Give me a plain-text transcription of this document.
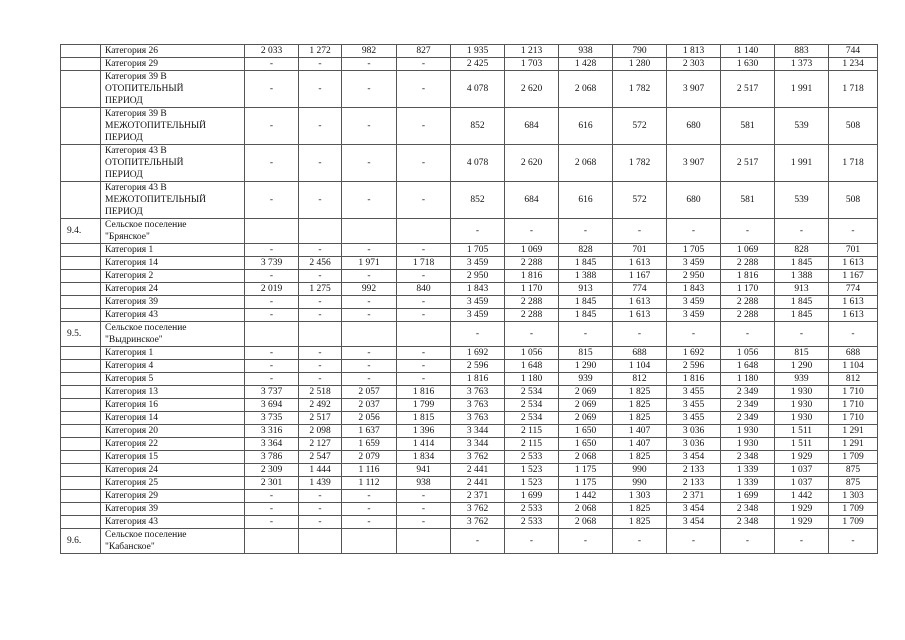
	Категория 26	2 033	1 272	982	827	1 935	1 213	938	790	1 813	1 140	883	744
	Категория 29	-	-	-	-	2 425	1 703	1 428	1 280	2 303	1 630	1 373	1 234
	Категория 39 В
ОТОПИТЕЛЬНЫЙ
ПЕРИОД	-	-	-	-	4 078	2 620	2 068	1 782	3 907	2 517	1 991	1 718
	Категория 39 В
МЕЖОТОПИТЕЛЬНЫЙ
ПЕРИОД	-	-	-	-	852	684	616	572	680	581	539	508
	Категория 43 В
ОТОПИТЕЛЬНЫЙ
ПЕРИОД	-	-	-	-	4 078	2 620	2 068	1 782	3 907	2 517	1 991	1 718
	Категория 43 В
МЕЖОТОПИТЕЛЬНЫЙ
ПЕРИОД	-	-	-	-	852	684	616	572	680	581	539	508
9.4.	Сельское поселение
"Брянское"					-	-	-	-	-	-	-	-
	Категория 1	-	-	-	-	1 705	1 069	828	701	1 705	1 069	828	701
	Категория 14	3 739	2 456	1 971	1 718	3 459	2 288	1 845	1 613	3 459	2 288	1 845	1 613
	Категория 2	-	-	-	-	2 950	1 816	1 388	1 167	2 950	1 816	1 388	1 167
	Категория 24	2 019	1 275	992	840	1 843	1 170	913	774	1 843	1 170	913	774
	Категория 39	-	-	-	-	3 459	2 288	1 845	1 613	3 459	2 288	1 845	1 613
	Категория 43	-	-	-	-	3 459	2 288	1 845	1 613	3 459	2 288	1 845	1 613
9.5.	Сельское поселение
"Выдринское"					-	-	-	-	-	-	-	-
	Категория 1	-	-	-	-	1 692	1 056	815	688	1 692	1 056	815	688
	Категория 4	-	-	-	-	2 596	1 648	1 290	1 104	2 596	1 648	1 290	1 104
	Категория 5	-	-	-	-	1 816	1 180	939	812	1 816	1 180	939	812
	Категория 13	3 737	2 518	2 057	1 816	3 763	2 534	2 069	1 825	3 455	2 349	1 930	1 710
	Категория 16	3 694	2 492	2 037	1 799	3 763	2 534	2 069	1 825	3 455	2 349	1 930	1 710
	Категория 14	3 735	2 517	2 056	1 815	3 763	2 534	2 069	1 825	3 455	2 349	1 930	1 710
	Категория 20	3 316	2 098	1 637	1 396	3 344	2 115	1 650	1 407	3 036	1 930	1 511	1 291
	Категория 22	3 364	2 127	1 659	1 414	3 344	2 115	1 650	1 407	3 036	1 930	1 511	1 291
	Категория 15	3 786	2 547	2 079	1 834	3 762	2 533	2 068	1 825	3 454	2 348	1 929	1 709
	Категория 24	2 309	1 444	1 116	941	2 441	1 523	1 175	990	2 133	1 339	1 037	875
	Категория 25	2 301	1 439	1 112	938	2 441	1 523	1 175	990	2 133	1 339	1 037	875
	Категория 29	-	-	-	-	2 371	1 699	1 442	1 303	2 371	1 699	1 442	1 303
	Категория 39	-	-	-	-	3 762	2 533	2 068	1 825	3 454	2 348	1 929	1 709
	Категория 43	-	-	-	-	3 762	2 533	2 068	1 825	3 454	2 348	1 929	1 709
9.6.	Сельское поселение
"Кабанское"					-	-	-	-	-	-	-	-
